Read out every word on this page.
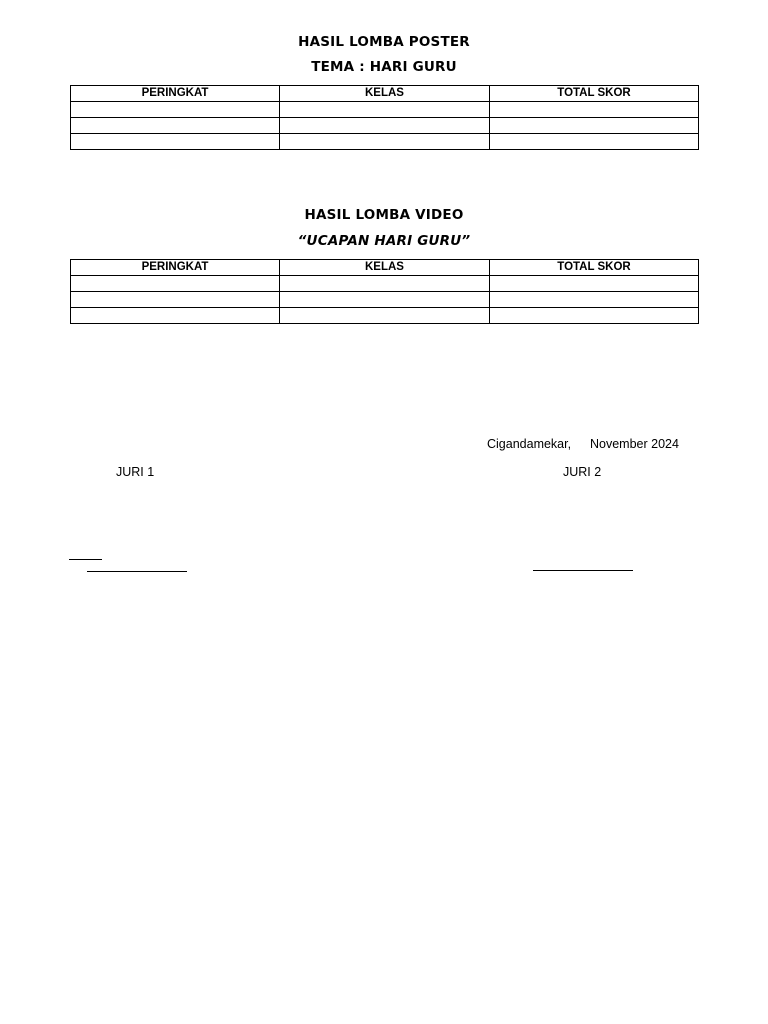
HASIL LOMBA POSTER
TEMA : HARI GURU
PERINGKAT	KELAS	TOTAL SKOR

HASIL LOMBA VIDEO
“UCAPAN HARI GURU”
PERINGKAT	KELAS	TOTAL SKOR

Cigandamekar, November 2024
JURI 1	JURI 2
